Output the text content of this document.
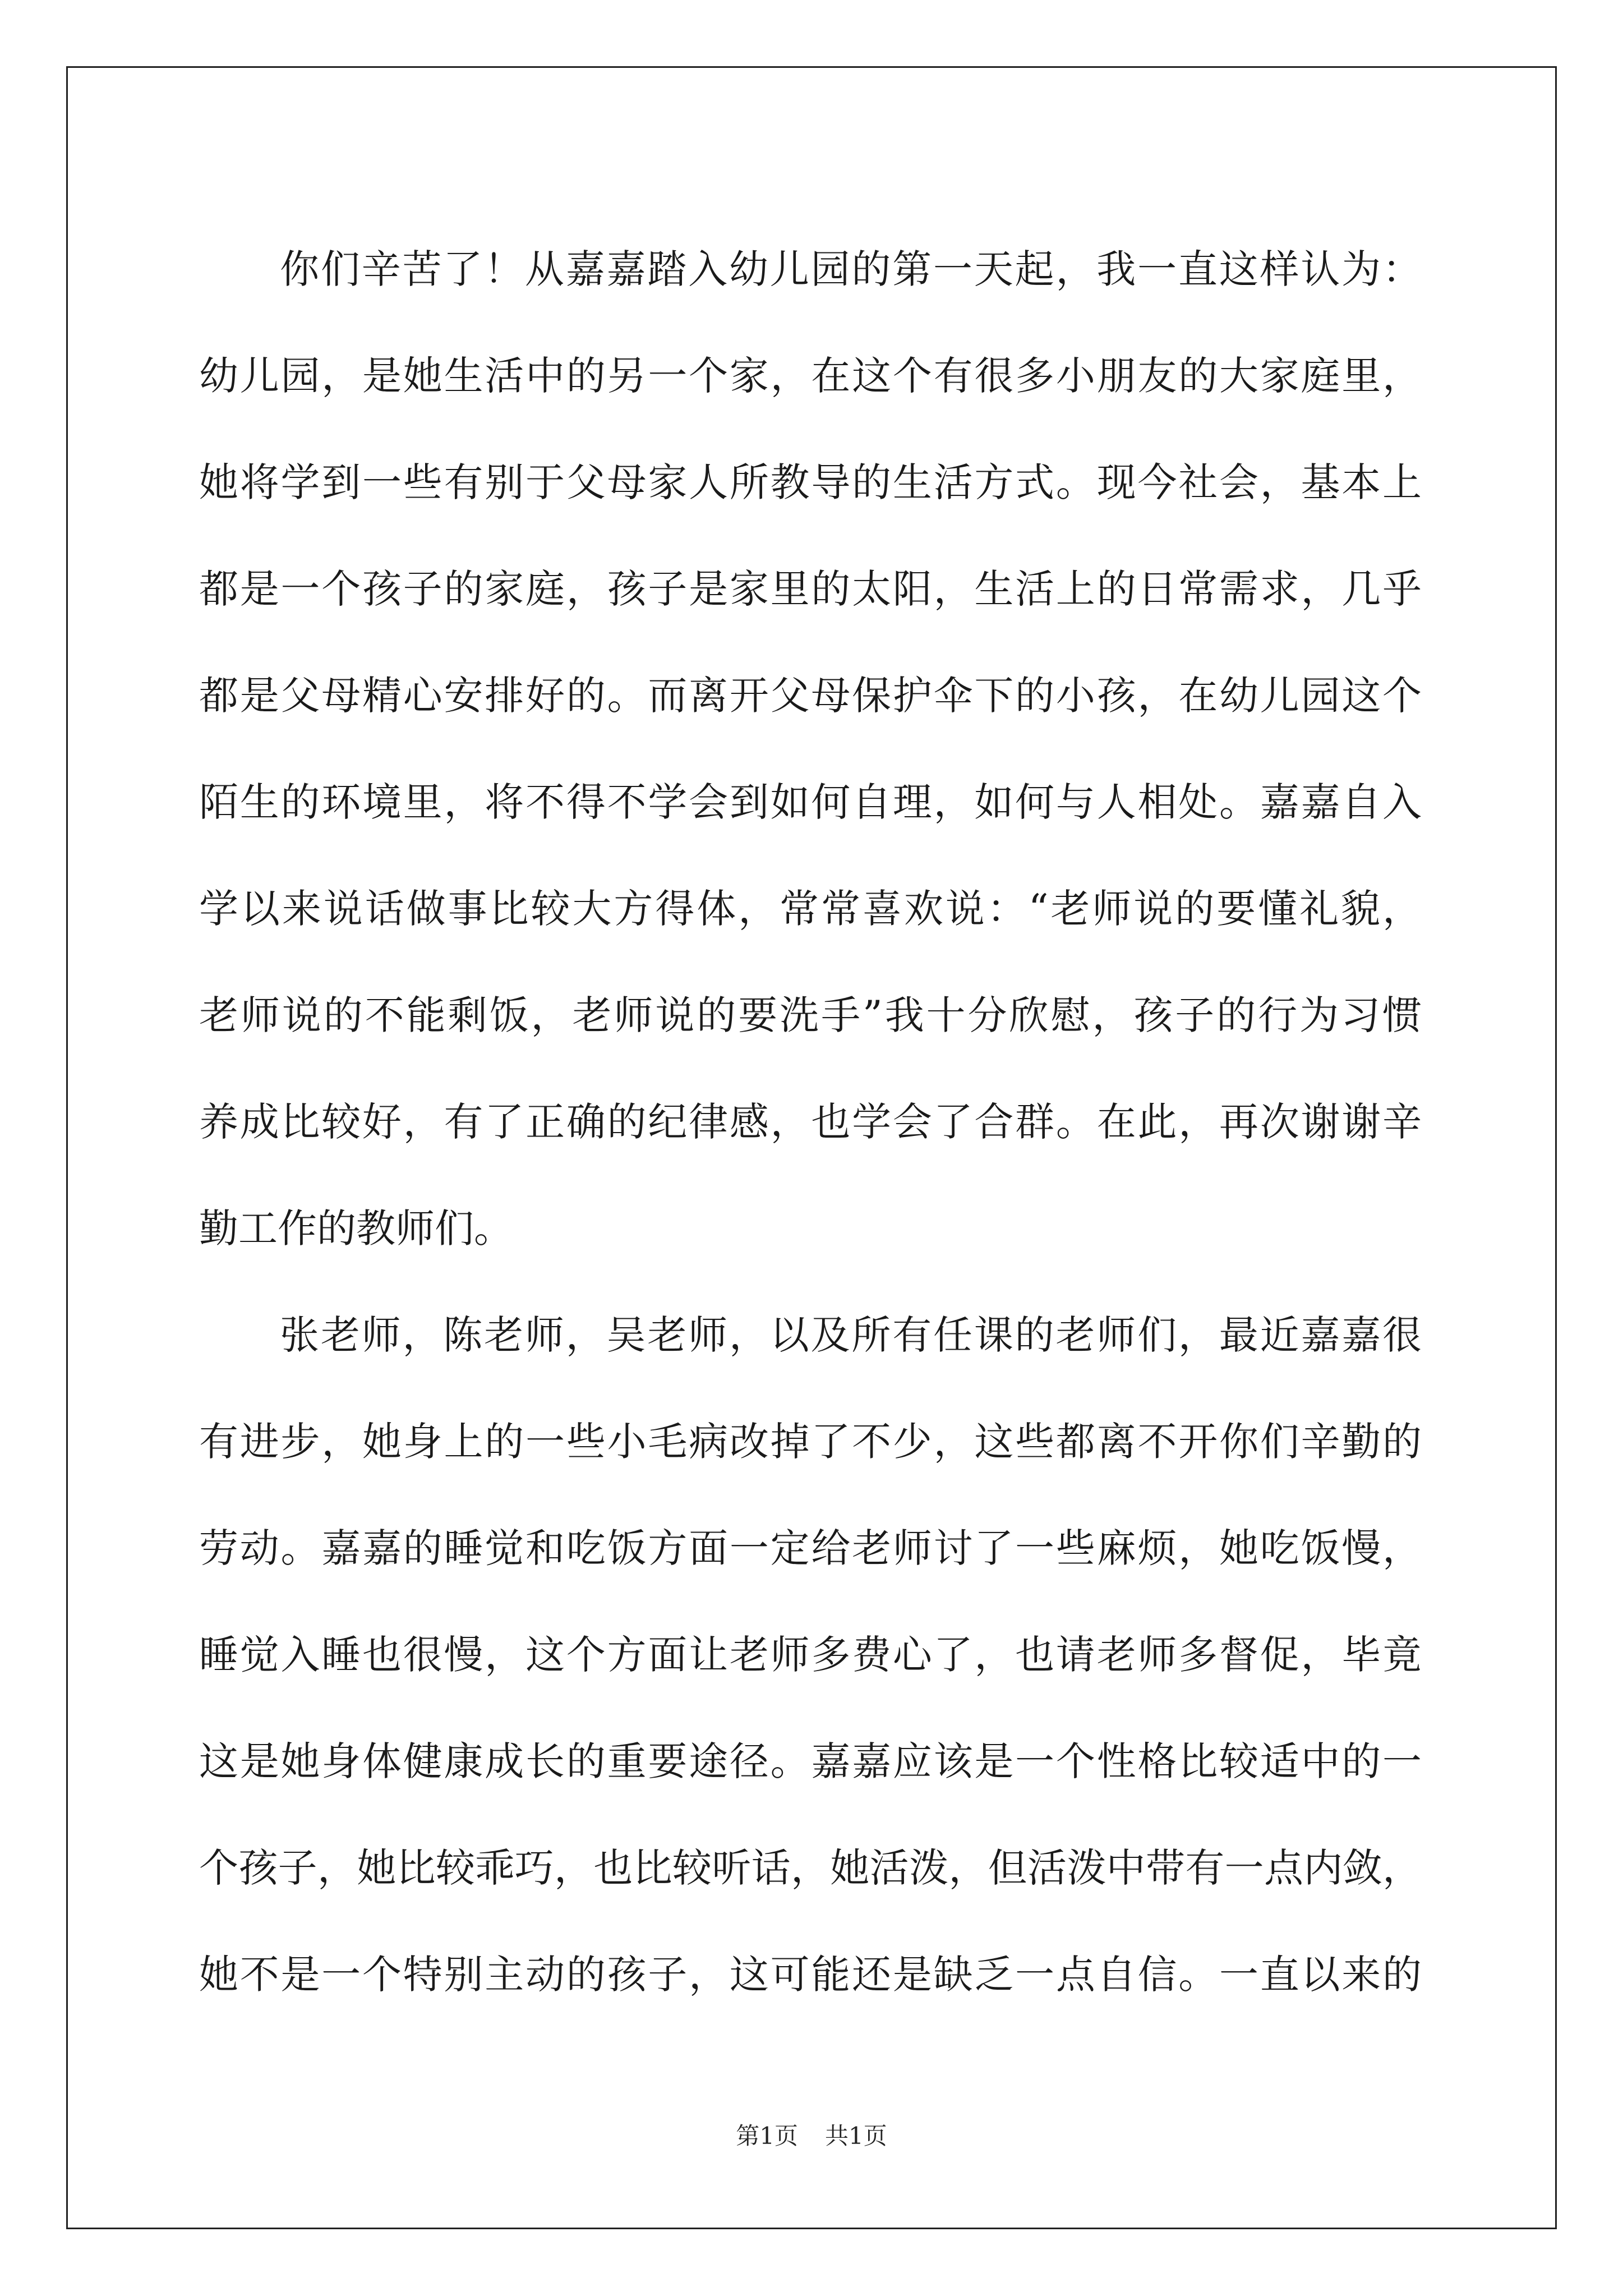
你们辛苦了！从嘉嘉踏入幼儿园的第一天起，我一直这样认为：
幼儿园，是她生活中的另一个家，在这个有很多小朋友的大家庭里，
她将学到一些有别于父母家人所教导的生活方式。现今社会，基本上
都是一个孩子的家庭，孩子是家里的太阳，生活上的日常需求，几乎
都是父母精心安排好的。而离开父母保护伞下的小孩，在幼儿园这个
陌生的环境里，将不得不学会到如何自理，如何与人相处。嘉嘉自入
学以来说话做事比较大方得体，常常喜欢说：“老师说的要懂礼貌，
老师说的不能剩饭，老师说的要洗手”我十分欣慰，孩子的行为习惯
养成比较好，有了正确的纪律感，也学会了合群。在此，再次谢谢辛
勤工作的教师们。
张老师，陈老师，吴老师，以及所有任课的老师们，最近嘉嘉很
有进步，她身上的一些小毛病改掉了不少，这些都离不开你们辛勤的
劳动。嘉嘉的睡觉和吃饭方面一定给老师讨了一些麻烦，她吃饭慢，
睡觉入睡也很慢，这个方面让老师多费心了，也请老师多督促，毕竟
这是她身体健康成长的重要途径。嘉嘉应该是一个性格比较适中的一
个孩子，她比较乖巧，也比较听话，她活泼，但活泼中带有一点内敛，
她不是一个特别主动的孩子，这可能还是缺乏一点自信。一直以来的
第1页 共1页
